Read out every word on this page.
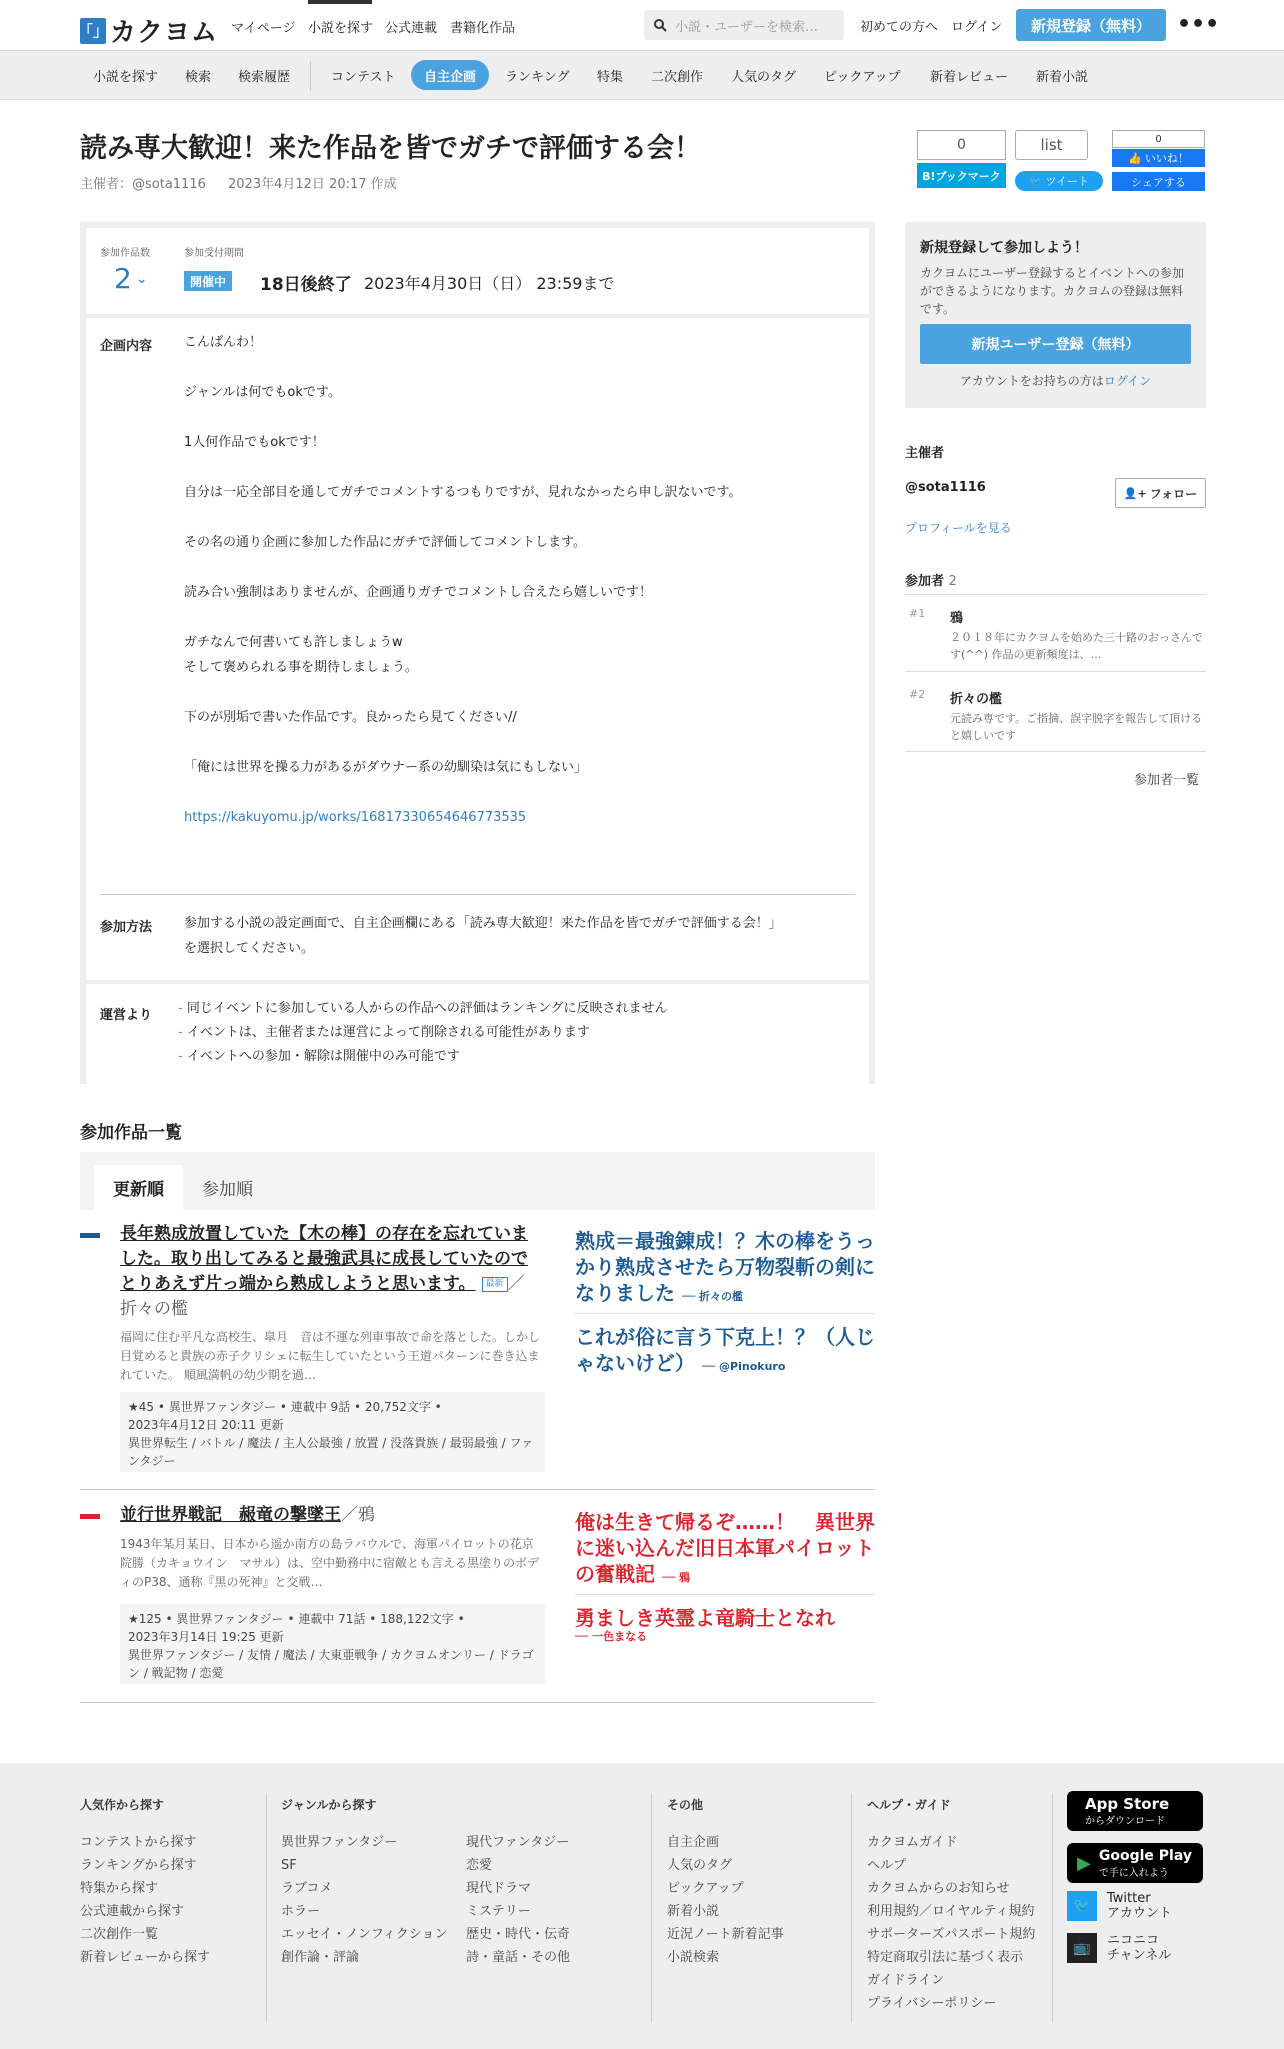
「」 カクヨム マイページ 小説を探す 公式連載 書籍化作品	小説・ユーザーを検索…	初めての方へ ログイン	新規登録（無料）	•••
小説を探す 検索 検索履歴	コンテスト 自主企画 ランキング 特集 二次創作 人気のタグ ピックアップ 新着レビュー 新着小説
読み専大歓迎！来た作品を皆でガチで評価する会！
主催者：@sota1116 2023年4月12日 20:17 作成
0
B!ブックマーク
list
🐦 ツイート
0
👍 いいね！
シェアする
参加作品数
2 ⌄
参加受付期間
開催中	18日後終了 2023年4月30日（日） 23:59まで
企画内容 こんばんわ！

ジャンルは何でもokです。

1人何作品でもokです！

自分は一応全部目を通してガチでコメントするつもりですが、見れなかったら申し訳ないです。

その名の通り企画に参加した作品にガチで評価してコメントします。

読み合い強制はありませんが、企画通りガチでコメントし合えたら嬉しいです！

ガチなんで何書いても許しましょうw

そして褒められる事を期待しましょう。

下のが別垢で書いた作品です。良かったら見てください//

「俺には世界を操る力があるがダウナー系の幼馴染は気にもしない」

https://kakuyomu.jp/works/16817330654646773535

参加方法 参加する小説の設定画面で、自主企画欄にある「読み専大歓迎！来た作品を皆でガチで評価する会！」
を選択してください。
運営より - 同じイベントに参加している人からの作品への評価はランキングに反映されません
- イベントは、主催者または運営によって削除される可能性があります
- イベントへの参加・解除は開催中のみ可能です
新規登録して参加しよう！
カクヨムにユーザー登録するとイベントへの参加ができるようになります。カクヨムの登録は無料です。
新規ユーザー登録（無料）
アカウントをお持ちの方はログイン
主催者
@sota1116	👤+ フォロー
プロフィールを見る
参加者 2
#1 鴉
２０１８年にカクヨムを始めた三十路のおっさんです(^^) 作品の更新頻度は、…
#2 折々の檻
元読み専です。ご指摘、誤字脱字を報告して頂けると嬉しいです
参加者一覧
参加作品一覧
更新順	参加順
長年熟成放置していた【木の棒】の存在を忘れていました。取り出してみると最強武具に成長していたのでとりあえず片っ端から熟成しようと思います。 最新 ／折々の檻
福岡に住む平凡な高校生、皐月　音は不運な列車事故で命を落とした。しかし目覚めると貴族の赤子クリシェに転生していたという王道パターンに巻き込まれていた。 順風満帆の幼少期を過…
★45 • 異世界ファンタジー • 連載中 9話 • 20,752文字 •
2023年4月12日 20:11 更新
異世界転生 / バトル / 魔法 / 主人公最強 / 放置 / 没落貴族 / 最弱最強 / ファンタジー
熟成＝最強錬成！？木の棒をうっかり熟成させたら万物裂斬の剣になりました ── 折々の檻
これが俗に言う下克上！？（人じゃないけど） ── @Pinokuro
並行世界戦記　赧竜の撃墜王／鴉
1943年某月某日、日本から遥か南方の島ラバウルで、海軍パイロットの花京院勝（カキョウイン　マサル）は、空中勤務中に宿敵とも言える黒塗りのボディのP38、通称『黒の死神』と交戦…
★125 • 異世界ファンタジー • 連載中 71話 • 188,122文字 •
2023年3月14日 19:25 更新
異世界ファンタジー / 友情 / 魔法 / 大東亜戦争 / カクヨムオンリー / ドラゴン / 戦記物 / 恋愛
俺は生きて帰るぞ……！　異世界に迷い込んだ旧日本軍パイロットの奮戦記 ── 鴉
勇ましき英霊よ竜騎士となれ
── 一色まなる
人気作から探す
コンテストから探す
ランキングから探す
特集から探す
公式連載から探す
二次創作一覧
新着レビューから探す
ジャンルから探す
異世界ファンタジー
SF
ラブコメ
ホラー
エッセイ・ノンフィクション
創作論・評論
現代ファンタジー
恋愛
現代ドラマ
ミステリー
歴史・時代・伝奇
詩・童話・その他
その他
自主企画
人気のタグ
ピックアップ
新着小説
近況ノート新着記事
小説検索
ヘルプ・ガイド
カクヨムガイド
ヘルプ
カクヨムからのお知らせ
利用規約／ロイヤルティ規約
サポーターズパスポート規約
特定商取引法に基づく表示
ガイドライン
プライバシーポリシー
App Store
からダウンロード
▶ Google Play
で手に入れよう
🐦	Twitter
アカウント
📺	ニコニコ
チャンネル
